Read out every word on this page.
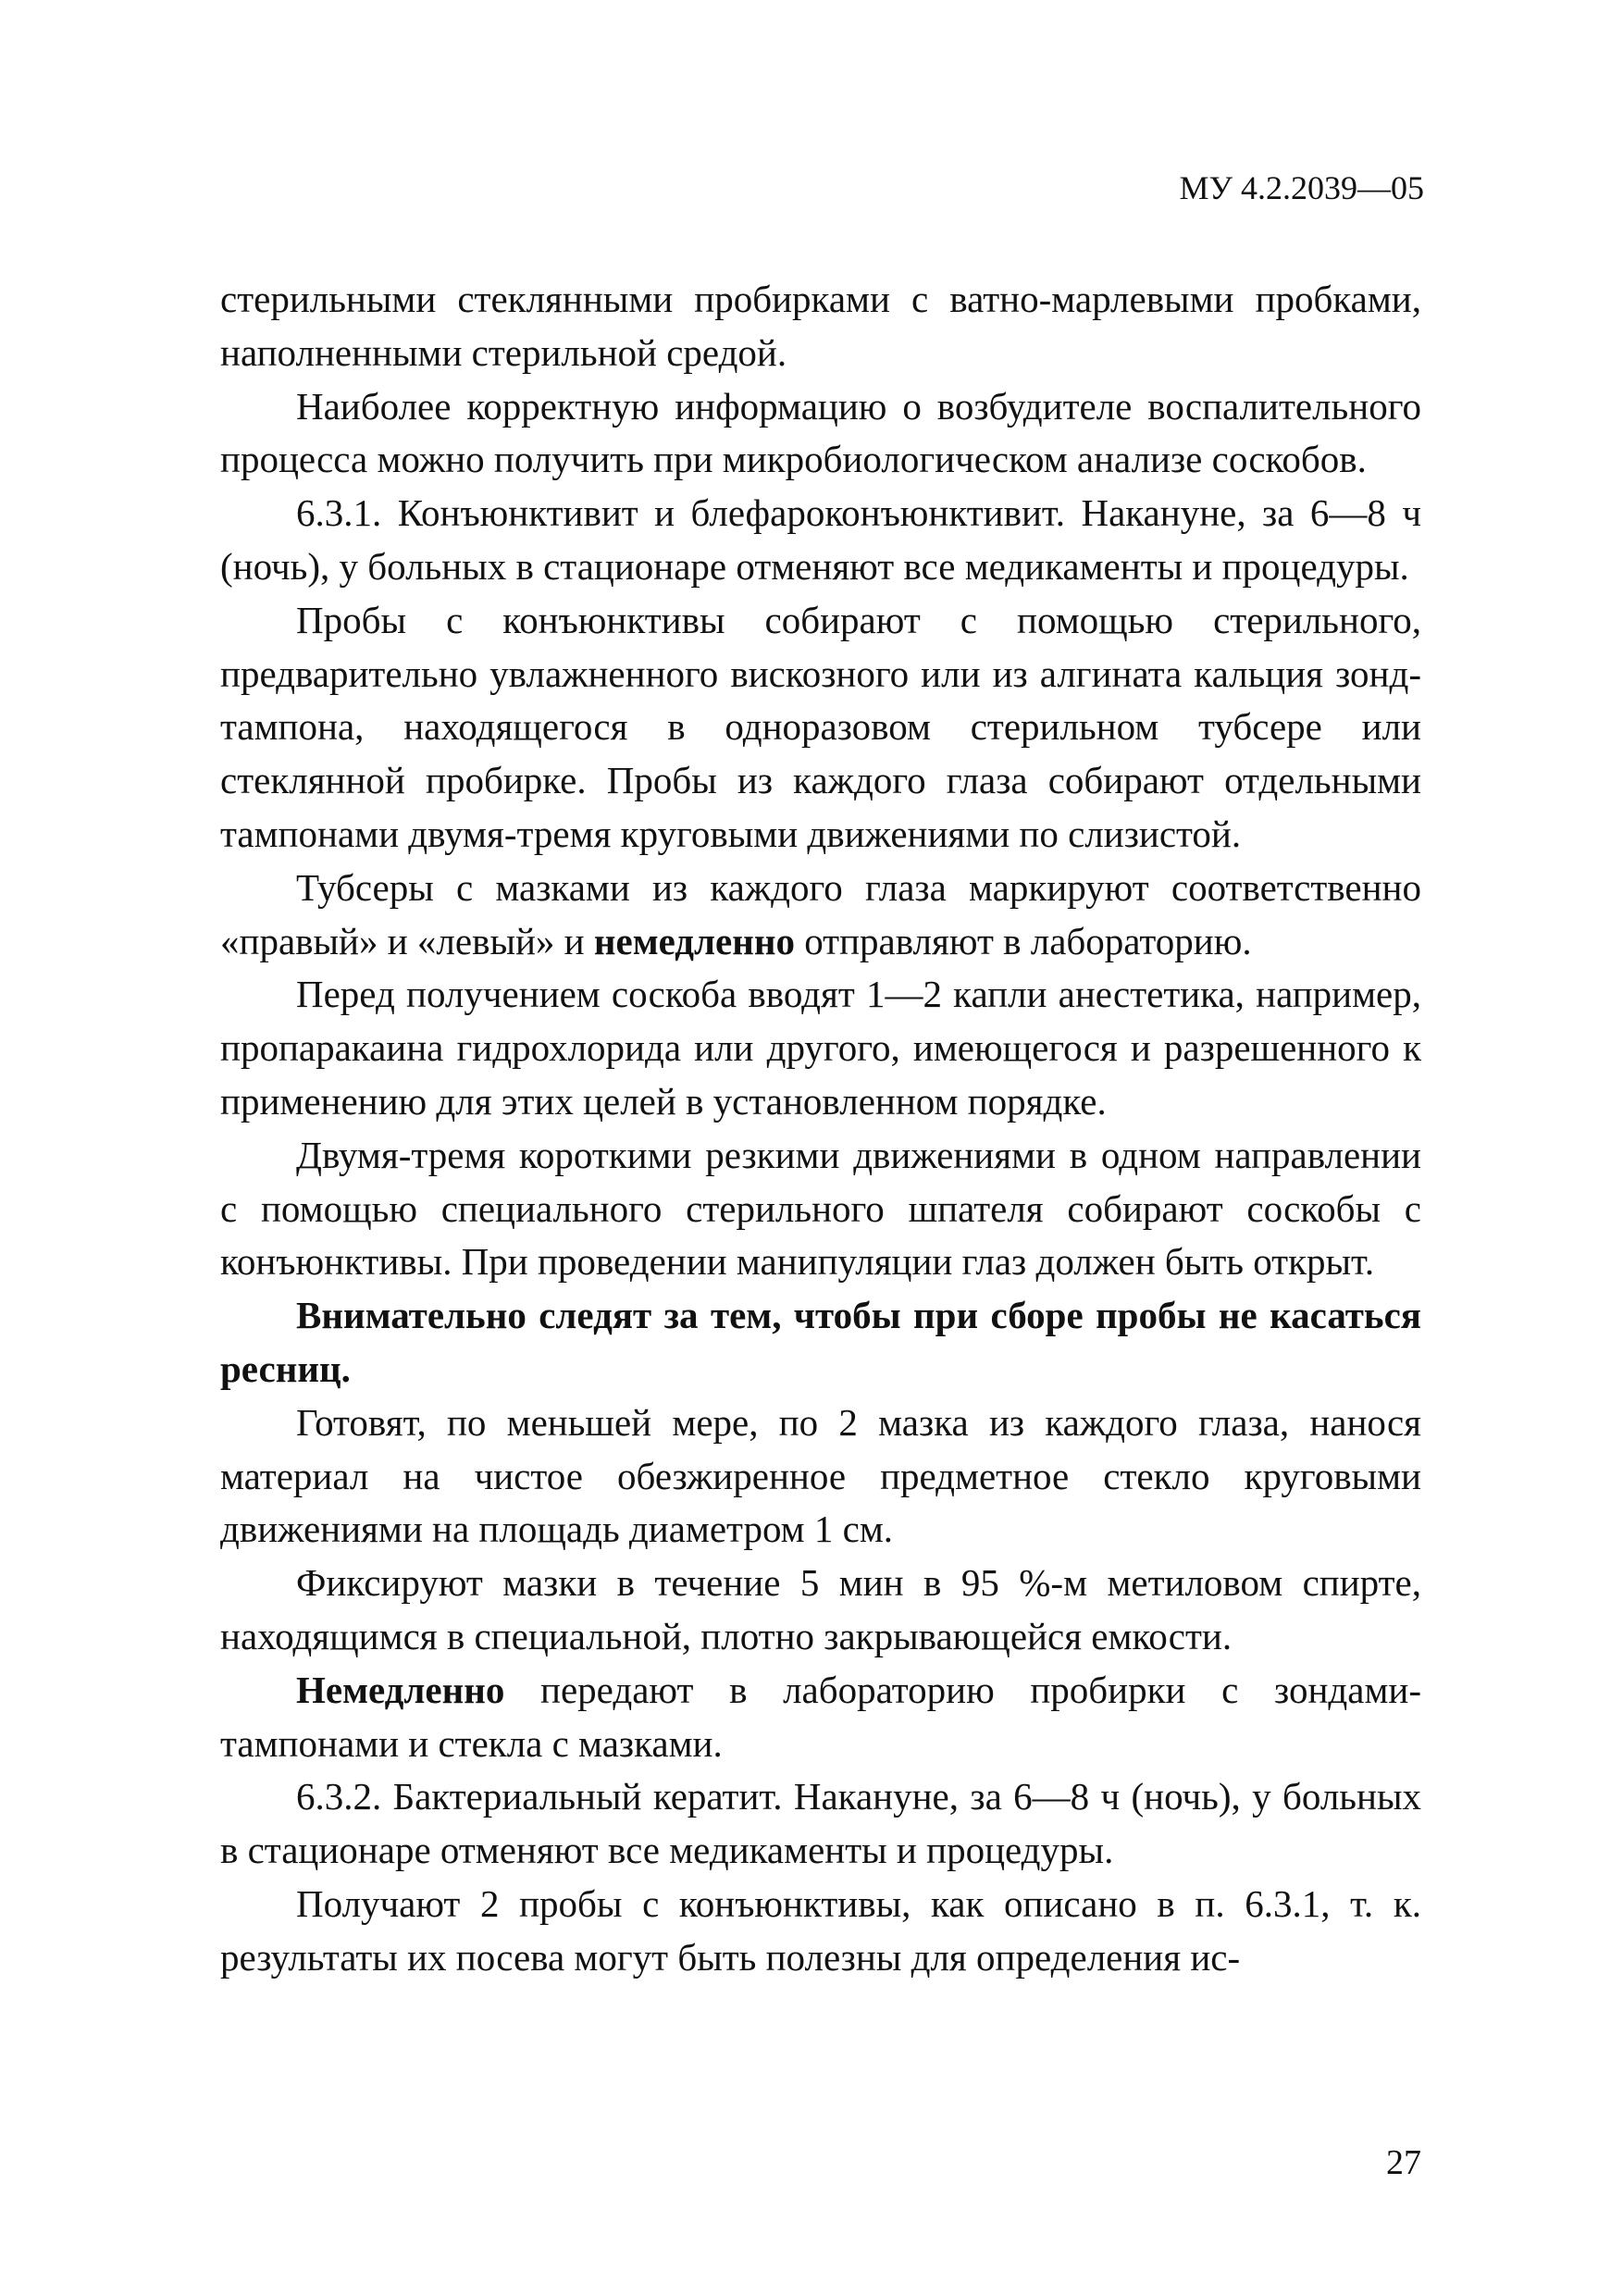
МУ 4.2.2039—05

стерильными стеклянными пробирками с ватно-марлевыми пробками, наполненными стерильной средой.

Наиболее корректную информацию о возбудителе воспалительного процесса можно получить при микробиологическом анализе соскобов.

6.3.1. Конъюнктивит и блефароконъюнктивит. Накануне, за 6—8 ч (ночь), у больных в стационаре отменяют все медикаменты и процедуры.

Пробы с конъюнктивы собирают с помощью стерильного, предварительно увлажненного вискозного или из алгината кальция зонд-тампона, находящегося в одноразовом стерильном тубсере или стеклянной пробирке. Пробы из каждого глаза собирают отдельными тампонами двумя-тремя круговыми движениями по слизистой.

Тубсеры с мазками из каждого глаза маркируют соответственно «правый» и «левый» и немедленно отправляют в лабораторию.

Перед получением соскоба вводят 1—2 капли анестетика, например, пропаракаина гидрохлорида или другого, имеющегося и разрешенного к применению для этих целей в установленном порядке.

Двумя-тремя короткими резкими движениями в одном направлении с помощью специального стерильного шпателя собирают соскобы с конъюнктивы. При проведении манипуляции глаз должен быть открыт.

Внимательно следят за тем, чтобы при сборе пробы не касаться ресниц.

Готовят, по меньшей мере, по 2 мазка из каждого глаза, нанося материал на чистое обезжиренное предметное стекло круговыми движениями на площадь диаметром 1 см.

Фиксируют мазки в течение 5 мин в 95 %-м метиловом спирте, находящимся в специальной, плотно закрывающейся емкости.

Немедленно передают в лабораторию пробирки с зондами-тампонами и стекла с мазками.

6.3.2. Бактериальный кератит. Накануне, за 6—8 ч (ночь), у больных в стационаре отменяют все медикаменты и процедуры.

Получают 2 пробы с конъюнктивы, как описано в п. 6.3.1, т. к. результаты их посева могут быть полезны для определения ис-

27
